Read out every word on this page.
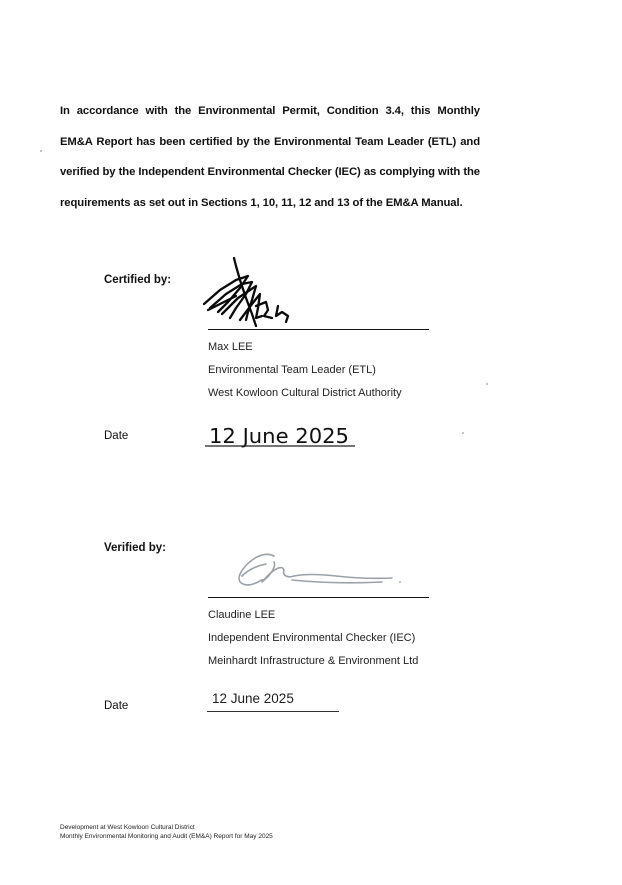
In accordance with the Environmental Permit, Condition 3.4, this Monthly EM&A Report has been certified by the Environmental Team Leader (ETL) and verified by the Independent Environmental Checker (IEC) as complying with the requirements as set out in Sections 1, 10, 11, 12 and 13 of the EM&A Manual.

Certified by:
Max LEE
Environmental Team Leader (ETL)
West Kowloon Cultural District Authority
Date	12 June 2025
Verified by:
Claudine LEE
Independent Environmental Checker (IEC)
Meinhardt Infrastructure & Environment Ltd
Date	12 June 2025
Development at West Kowloon Cultural District
Monthly Environmental Monitoring and Audit (EM&A) Report for May 2025
